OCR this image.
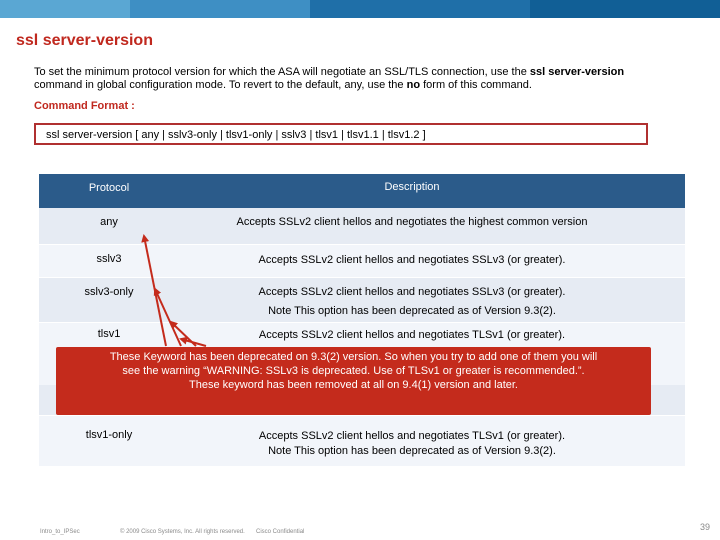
ssl server-version
To set the minimum protocol version for which the ASA will negotiate an SSL/TLS connection, use the ssl server-version command in global configuration mode. To revert to the default, any, use the no form of this command.
Command Format :
ssl server-version [ any | sslv3-only | tlsv1-only | sslv3 | tlsv1 | tlsv1.1 | tlsv1.2 ]
Protocol	Description
any	Accepts SSLv2 client hellos and negotiates the highest common version
sslv3	Accepts SSLv2 client hellos and negotiates SSLv3 (or greater).
sslv3-only	Accepts SSLv2 client hellos and negotiates SSLv3 (or greater).
Note This option has been deprecated as of Version 9.3(2).
tlsv1	Accepts SSLv2 client hellos and negotiates TLSv1 (or greater).
tlsv1-only	Accepts SSLv2 client hellos and negotiates TLSv1 (or greater).
Note This option has been deprecated as of Version 9.3(2).
These Keyword has been deprecated on 9.3(2) version. So when you try to add one of them you will
see the warning “WARNING: SSLv3 is deprecated. Use of TLSv1 or greater is recommended.”.
These keyword has been removed at all on 9.4(1) version and later.
Intro_to_IPSec	© 2009 Cisco Systems, Inc. All rights reserved. Cisco Confidential	39
